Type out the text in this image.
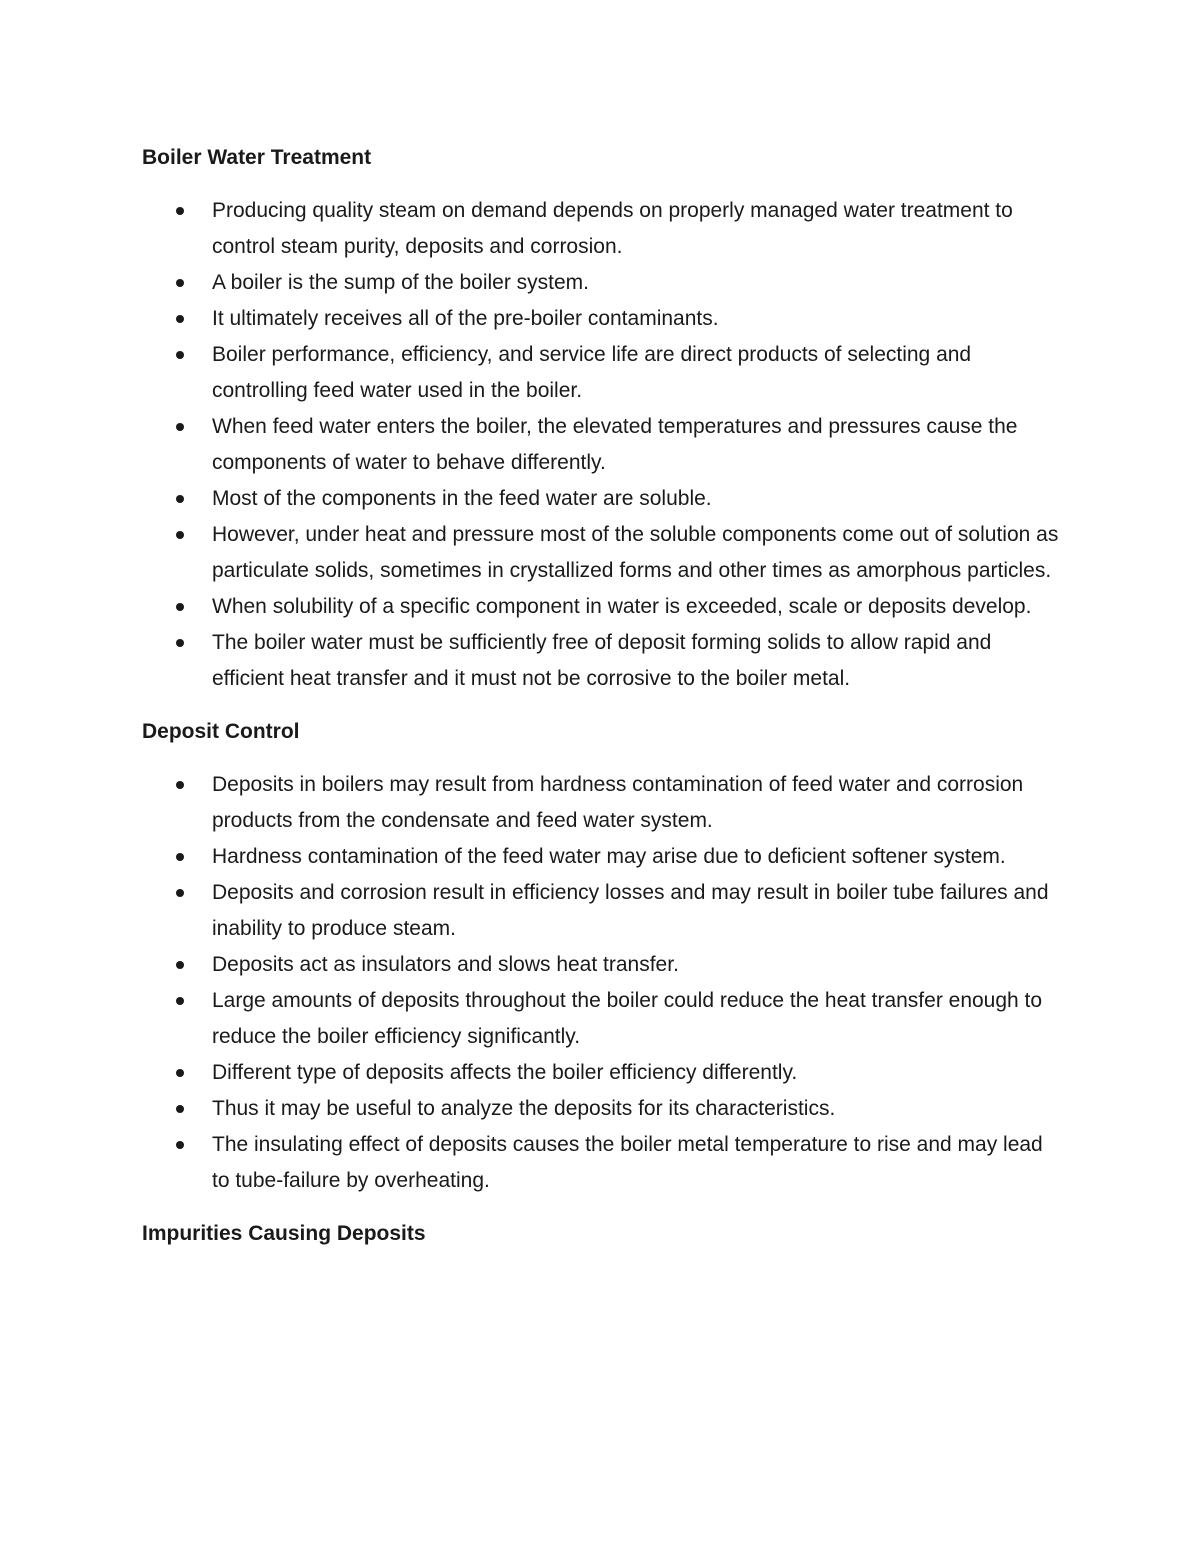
Boiler Water Treatment
Producing quality steam on demand depends on properly managed water treatment to control steam purity, deposits and corrosion.
A boiler is the sump of the boiler system.
It ultimately receives all of the pre-boiler contaminants.
Boiler performance, efficiency, and service life are direct products of selecting and controlling feed water used in the boiler.
When feed water enters the boiler, the elevated temperatures and pressures cause the components of water to behave differently.
Most of the components in the feed water are soluble.
However, under heat and pressure most of the soluble components come out of solution as particulate solids, sometimes in crystallized forms and other times as amorphous particles.
When solubility of a specific component in water is exceeded, scale or deposits develop.
The boiler water must be sufficiently free of deposit forming solids to allow rapid and efficient heat transfer and it must not be corrosive to the boiler metal.
Deposit Control
Deposits in boilers may result from hardness contamination of feed water and corrosion products from the condensate and feed water system.
Hardness contamination of the feed water may arise due to deficient softener system.
Deposits and corrosion result in efficiency losses and may result in boiler tube failures and inability to produce steam.
Deposits act as insulators and slows heat transfer.
Large amounts of deposits throughout the boiler could reduce the heat transfer enough to reduce the boiler efficiency significantly.
Different type of deposits affects the boiler efficiency differently.
Thus it may be useful to analyze the deposits for its characteristics.
The insulating effect of deposits causes the boiler metal temperature to rise and may lead to tube-failure by overheating.
Impurities Causing Deposits
